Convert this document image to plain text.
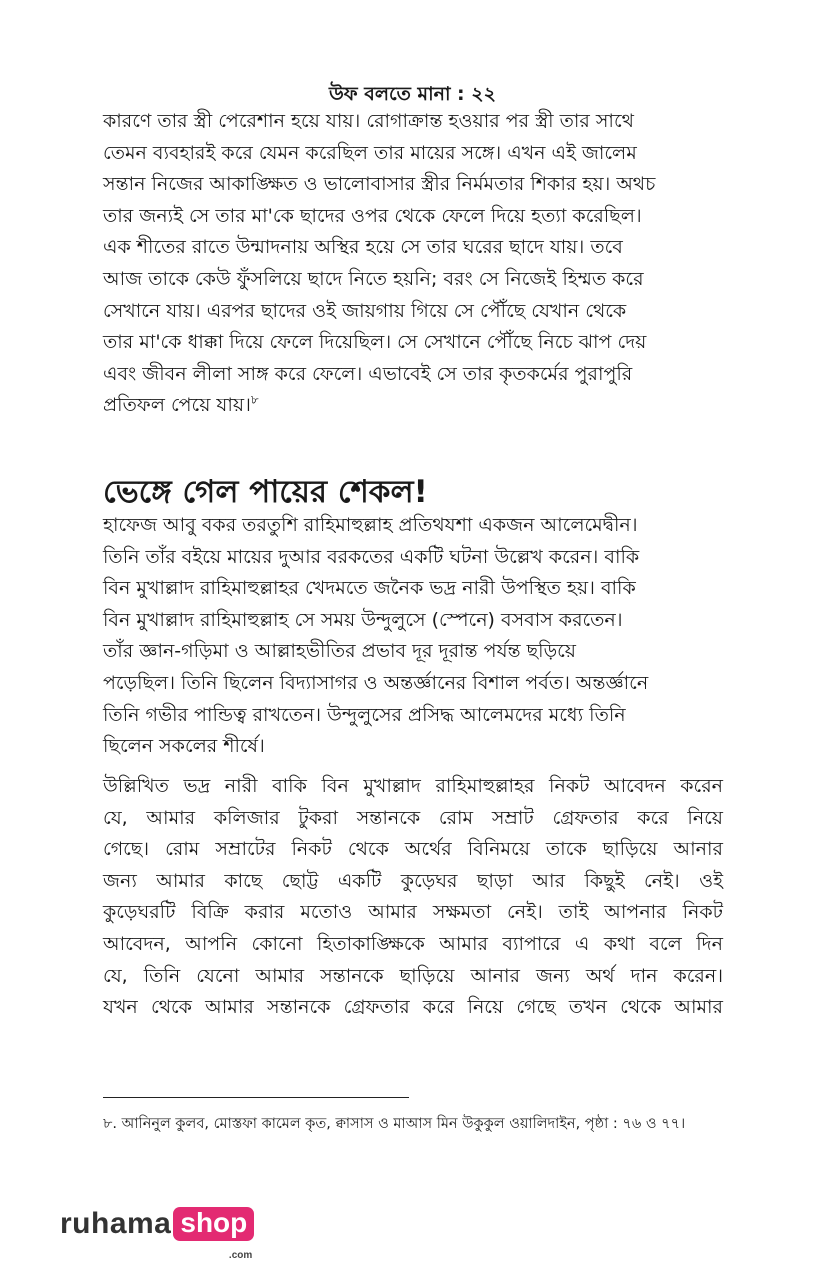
উফ বলতে মানা : ২২
কারণে তার স্ত্রী পেরেশান হয়ে যায়। রোগাক্রান্ত হওয়ার পর স্ত্রী তার সাথে
তেমন ব্যবহারই করে যেমন করেছিল তার মায়ের সঙ্গে। এখন এই জালেম
সন্তান নিজের আকাঙ্ক্ষিত ও ভালোবাসার স্ত্রীর নির্মমতার শিকার হয়। অথচ
তার জন্যই সে তার মা'কে ছাদের ওপর থেকে ফেলে দিয়ে হত্যা করেছিল।
এক শীতের রাতে উন্মাদনায় অস্থির হয়ে সে তার ঘরের ছাদে যায়। তবে
আজ তাকে কেউ ফুঁসলিয়ে ছাদে নিতে হয়নি; বরং সে নিজেই হিম্মত করে
সেখানে যায়। এরপর ছাদের ওই জায়গায় গিয়ে সে পৌঁছে যেখান থেকে
তার মা'কে ধাক্কা দিয়ে ফেলে দিয়েছিল। সে সেখানে পৌঁছে নিচে ঝাপ দেয়
এবং জীবন লীলা সাঙ্গ করে ফেলে। এভাবেই সে তার কৃতকর্মের পুরাপুরি
প্রতিফল পেয়ে যায়।$^৮$
ভেঙ্গে গেল পায়ের শেকল!
হাফেজ আবু বকর তরতুশি রাহিমাহুল্লাহ প্রতিথযশা একজন আলেমেদ্বীন।
তিনি তাঁর বইয়ে মায়ের দুআর বরকতের একটি ঘটনা উল্লেখ করেন। বাকি
বিন মুখাল্লাদ রাহিমাহুল্লাহর খেদমতে জনৈক ভদ্র নারী উপস্থিত হয়। বাকি
বিন মুখাল্লাদ রাহিমাহুল্লাহ সে সময় উন্দুলুসে (স্পেনে) বসবাস করতেন।
তাঁর জ্ঞান-গড়িমা ও আল্লাহভীতির প্রভাব দূর দূরান্ত পর্যন্ত ছড়িয়ে
পড়েছিল। তিনি ছিলেন বিদ্যাসাগর ও অন্তর্জ্ঞানের বিশাল পর্বত। অন্তর্জ্ঞানে
তিনি গভীর পান্ডিত্ব রাখতেন। উন্দুলুসের প্রসিদ্ধ আলেমদের মধ্যে তিনি
ছিলেন সকলের শীর্ষে।
উল্লিখিত ভদ্র নারী বাকি বিন মুখাল্লাদ রাহিমাহুল্লাহর নিকট আবেদন করেন
যে, আমার কলিজার টুকরা সন্তানকে রোম সম্রাট গ্রেফতার করে নিয়ে
গেছে। রোম সম্রাটের নিকট থেকে অর্থের বিনিময়ে তাকে ছাড়িয়ে আনার
জন্য আমার কাছে ছোট্ট একটি কুড়েঘর ছাড়া আর কিছুই নেই। ওই
কুড়েঘরটি বিক্রি করার মতোও আমার সক্ষমতা নেই। তাই আপনার নিকট
আবেদন, আপনি কোনো হিতাকাঙ্ক্ষিকে আমার ব্যাপারে এ কথা বলে দিন
যে, তিনি যেনো আমার সন্তানকে ছাড়িয়ে আনার জন্য অর্থ দান করেন।
যখন থেকে আমার সন্তানকে গ্রেফতার করে নিয়ে গেছে তখন থেকে আমার

৮. আনিনুল কুলব, মোস্তফা কামেল কৃত, ক্বাসাস ও মাআস মিন উকুকুল ওয়ালিদাইন, পৃষ্ঠা : ৭৬ ও ৭৭।

ruhama shop
.com
